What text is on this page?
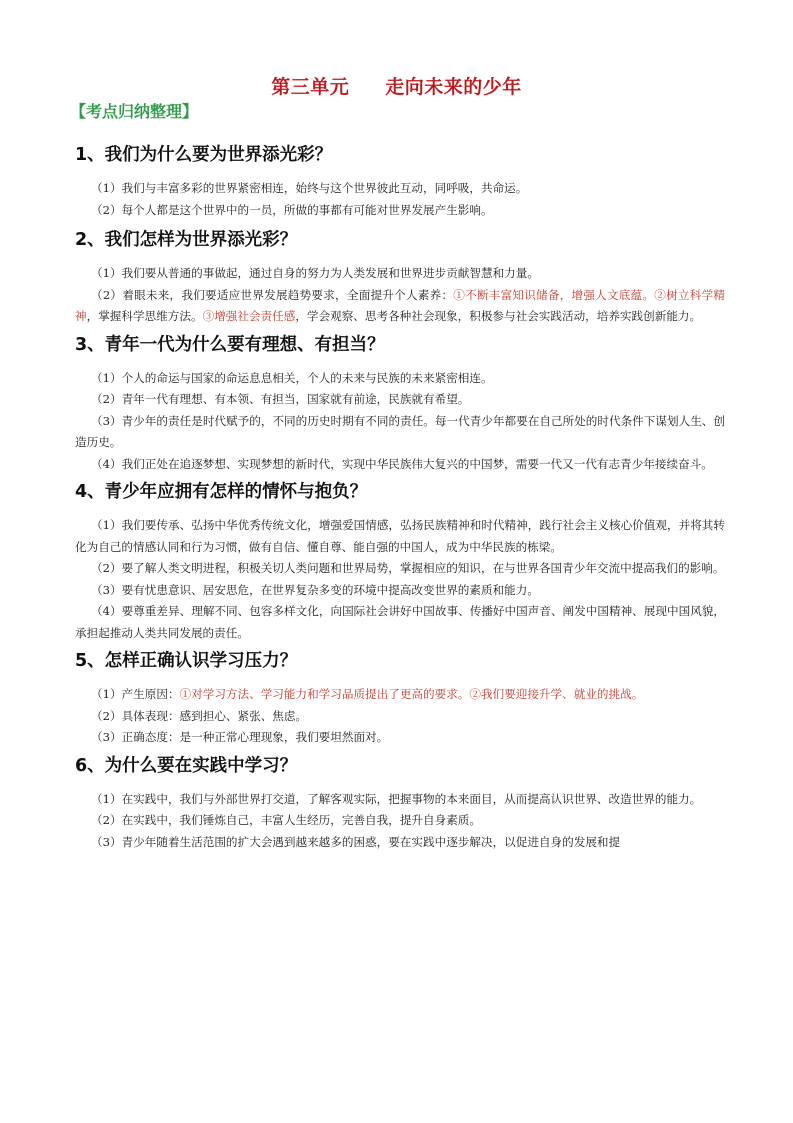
第三单元 走向未来的少年
【考点归纳整理】
1、我们为什么要为世界添光彩？

（1）我们与丰富多彩的世界紧密相连，始终与这个世界彼此互动，同呼吸，共命运。

（2）每个人都是这个世界中的一员，所做的事都有可能对世界发展产生影响。

2、我们怎样为世界添光彩？

（1）我们要从普通的事做起，通过自身的努力为人类发展和世界进步贡献智慧和力量。

（2）着眼未来，我们要适应世界发展趋势要求，全面提升个人素养：①不断丰富知识储备，增强人文底蕴。②树立科学精神，掌握科学思维方法。③增强社会责任感，学会观察、思考各种社会现象，积极参与社会实践活动，培养实践创新能力。

3、青年一代为什么要有理想、有担当？

（1）个人的命运与国家的命运息息相关，个人的未来与民族的未来紧密相连。

（2）青年一代有理想、有本领、有担当，国家就有前途，民族就有希望。

（3）青少年的责任是时代赋予的，不同的历史时期有不同的责任。每一代青少年都要在自己所处的时代条件下谋划人生、创造历史。

（4）我们正处在追逐梦想、实现梦想的新时代，实现中华民族伟大复兴的中国梦，需要一代又一代有志青少年接续奋斗。

4、青少年应拥有怎样的情怀与抱负？

（1）我们要传承、弘扬中华优秀传统文化，增强爱国情感，弘扬民族精神和时代精神，践行社会主义核心价值观，并将其转化为自己的情感认同和行为习惯，做有自信、懂自尊、能自强的中国人，成为中华民族的栋梁。

（2）要了解人类文明进程，积极关切人类问题和世界局势，掌握相应的知识，在与世界各国青少年交流中提高我们的影响。

（3）要有忧患意识、居安思危，在世界复杂多变的环境中提高改变世界的素质和能力。

（4）要尊重差异、理解不同、包容多样文化，向国际社会讲好中国故事、传播好中国声音、阐发中国精神、展现中国风貌，承担起推动人类共同发展的责任。

5、怎样正确认识学习压力？

（1）产生原因：①对学习方法、学习能力和学习品质提出了更高的要求。②我们要迎接升学、就业的挑战。

（2）具体表现：感到担心、紧张、焦虑。

（3）正确态度：是一种正常心理现象，我们要坦然面对。

6、为什么要在实践中学习？

（1）在实践中，我们与外部世界打交道，了解客观实际，把握事物的本来面目，从而提高认识世界、改造世界的能力。

（2）在实践中，我们锤炼自己，丰富人生经历，完善自我，提升自身素质。

（3）青少年随着生活范围的扩大会遇到越来越多的困惑，要在实践中逐步解决，以促进自身的发展和提
